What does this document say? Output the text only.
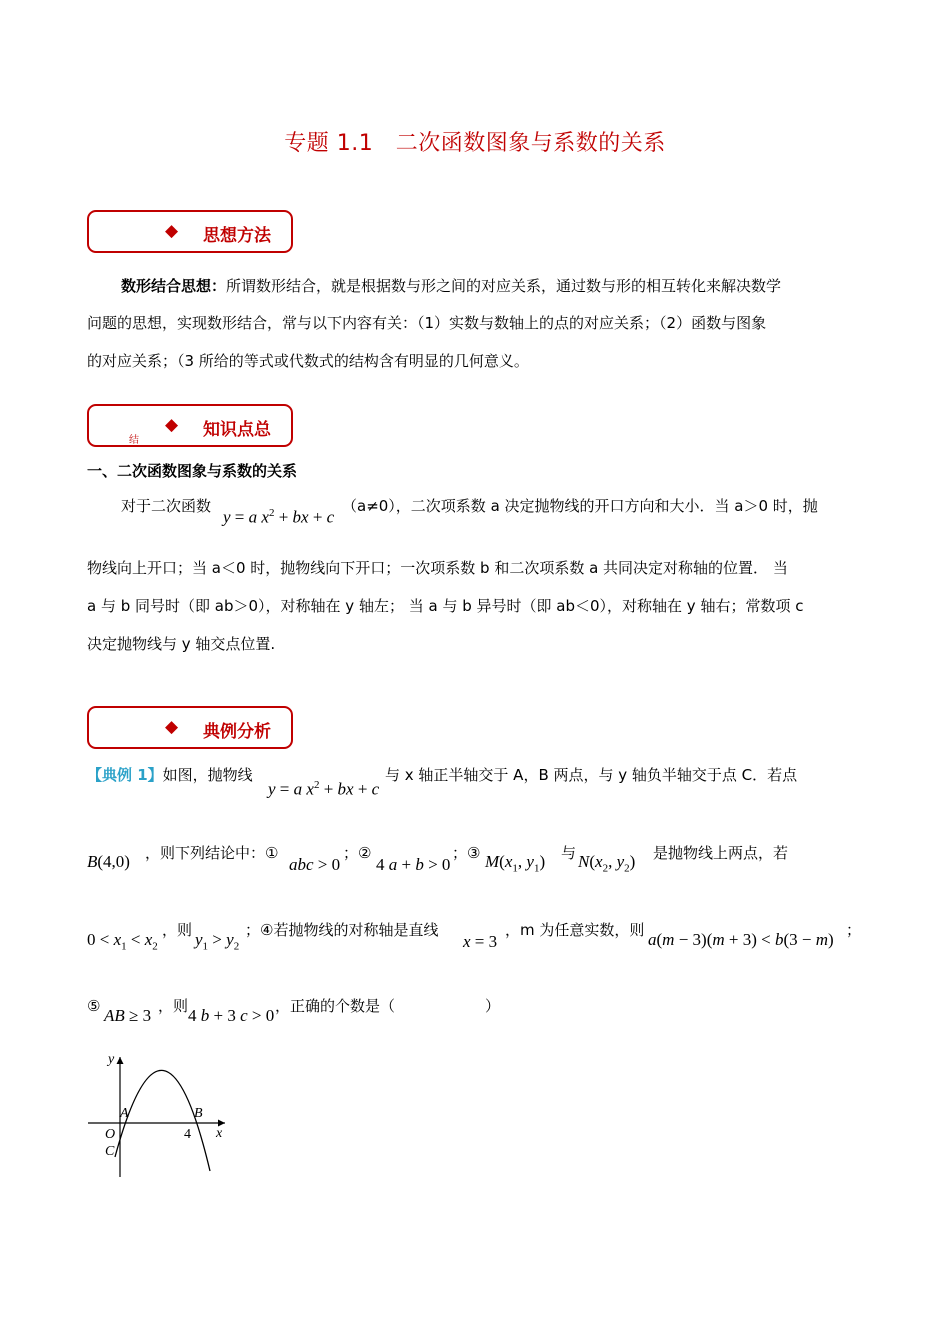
专题 1.1　二次函数图象与系数的关系
◆ 思想方法
数形结合思想：所谓数形结合，就是根据数与形之间的对应关系，通过数与形的相互转化来解决数学
问题的思想，实现数形结合，常与以下内容有关：（1）实数与数轴上的点的对应关系；（2）函数与图象
的对应关系；（3 所给的等式或代数式的结构含有明显的几何意义。
◆ 知识点总
结
一、二次函数图象与系数的关系
对于二次函数
y = a $x^2$ + bx + c
（a≠0），二次项系数 a 决定抛物线的开口方向和大小．当 a＞0 时，抛
物线向上开口；当 a＜0 时，抛物线向下开口；一次项系数 b 和二次项系数 a 共同决定对称轴的位置． 当
a 与 b 同号时（即 ab＞0），对称轴在 y 轴左； 当 a 与 b 异号时（即 ab＜0），对称轴在 y 轴右；常数项 c
决定抛物线与 y 轴交点位置.
◆ 典例分析
【典例 1】如图，抛物线
y = a $x^2$ + bx + c
与 x 轴正半轴交于 A，B 两点，与 y 轴负半轴交于点 C．若点
B(4,0) ，则下列结论中：①
abc > 0
；②
4 a + b > 0
；③ $M(x_1$, $y_1$) 与 $N(x_2$, $y_2$) 是抛物线上两点，若
$0 < x_1 < x_2$
，则 $y_1 > y_2$
；④若抛物线的对称轴是直线
x = 3
，m 为任意实数，则 a(m − 3)(m + 3) < b(3 − m) ；
⑤ AB ≥ 3 ，则 4 b + 3 c > 0 ，正确的个数是（	）
y
x
A	B
O
C
4
